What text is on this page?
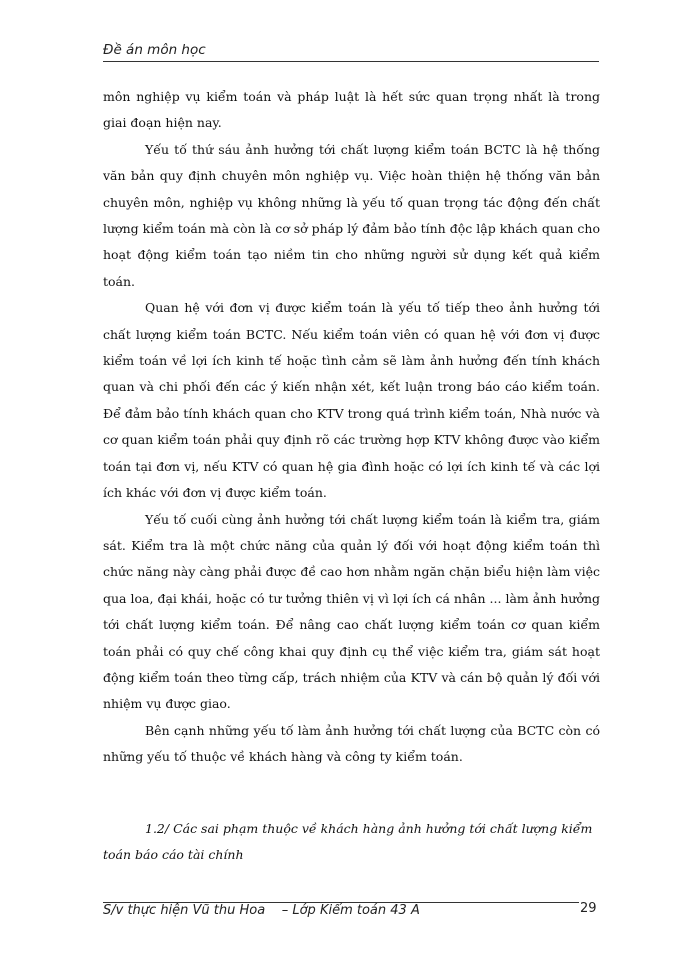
Đề án môn học

môn nghiệp vụ kiểm toán và pháp luật là hết sức quan trọng nhất là trong giai đoạn hiện nay.

Yếu tố thứ sáu ảnh hưởng tới chất lượng kiểm toán BCTC là hệ thống văn bản quy định chuyên môn nghiệp vụ. Việc hoàn thiện hệ thống văn bản chuyên môn, nghiệp vụ không những là yếu tố quan trọng tác động đến chất lượng kiểm toán mà còn là cơ sở pháp lý đảm bảo tính độc lập khách quan cho hoạt động kiểm toán tạo niềm tin cho những người sử dụng kết quả kiểm toán.

Quan hệ với đơn vị được kiểm toán là yếu tố tiếp theo ảnh hưởng tới chất lượng kiểm toán BCTC. Nếu kiểm toán viên có quan hệ với đơn vị được kiểm toán về lợi ích kinh tế hoặc tình cảm sẽ làm ảnh hưởng đến tính khách quan và chi phối đến các ý kiến nhận xét, kết luận trong báo cáo kiểm toán. Để đảm bảo tính khách quan cho KTV trong quá trình kiểm toán, Nhà nước và cơ quan kiểm toán phải quy định rõ các trường hợp KTV không được vào kiểm toán tại đơn vị, nếu KTV có quan hệ gia đình hoặc có lợi ích kinh tế và các lợi ích khác với đơn vị được kiểm toán.

Yếu tố cuối cùng ảnh hưởng tới chất lượng kiểm toán là kiểm tra, giám sát. Kiểm tra là một chức năng của quản lý đối với hoạt động kiểm toán thì chức năng này càng phải được đề cao hơn nhằm ngăn chặn biểu hiện làm việc qua loa, đại khái, hoặc có tư tưởng thiên vị vì lợi ích cá nhân ... làm ảnh hưởng tới chất lượng kiểm toán. Để nâng cao chất lượng kiểm toán cơ quan kiểm toán phải có quy chế công khai quy định cụ thể việc kiểm tra, giám sát hoạt động kiểm toán theo từng cấp, trách nhiệm của KTV và cán bộ quản lý đối với nhiệm vụ được giao.

Bên cạnh những yếu tố làm ảnh hưởng tới chất lượng của BCTC còn có những yếu tố thuộc về khách hàng và công ty kiểm toán.

1.2/ Các sai phạm thuộc về khách hàng ảnh hưởng tới chất lượng kiểm toán báo cáo tài chính
S/v thực hiện Vũ thu Hoa    – Lớp Kiểm toán 43 A	29
